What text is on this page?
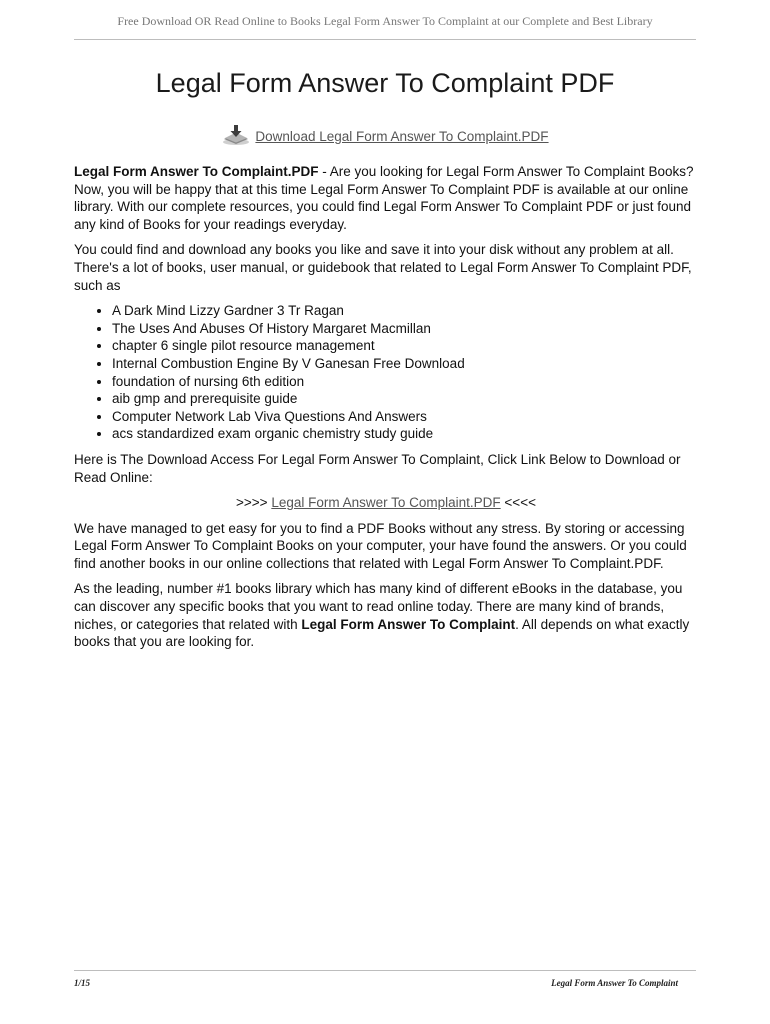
Free Download OR Read Online to Books Legal Form Answer To Complaint at our Complete and Best Library
Legal Form Answer To Complaint PDF
Download Legal Form Answer To Complaint.PDF

Legal Form Answer To Complaint.PDF - Are you looking for Legal Form Answer To Complaint Books? Now, you will be happy that at this time Legal Form Answer To Complaint PDF is available at our online library. With our complete resources, you could find Legal Form Answer To Complaint PDF or just found any kind of Books for your readings everyday.

You could find and download any books you like and save it into your disk without any problem at all. There's a lot of books, user manual, or guidebook that related to Legal Form Answer To Complaint PDF, such as

• A Dark Mind Lizzy Gardner 3 Tr Ragan
• The Uses And Abuses Of History Margaret Macmillan
• chapter 6 single pilot resource management
• Internal Combustion Engine By V Ganesan Free Download
• foundation of nursing 6th edition
• aib gmp and prerequisite guide
• Computer Network Lab Viva Questions And Answers
• acs standardized exam organic chemistry study guide

Here is The Download Access For Legal Form Answer To Complaint, Click Link Below to Download or Read Online:

>>>> Legal Form Answer To Complaint.PDF <<<<

We have managed to get easy for you to find a PDF Books without any stress. By storing or accessing Legal Form Answer To Complaint Books on your computer, your have found the answers. Or you could find another books in our online collections that related with Legal Form Answer To Complaint.PDF.

As the leading, number #1 books library which has many kind of different eBooks in the database, you can discover any specific books that you want to read online today. There are many kind of brands, niches, or categories that related with Legal Form Answer To Complaint. All depends on what exactly books that you are looking for.

1/15	Legal Form Answer To Complaint
